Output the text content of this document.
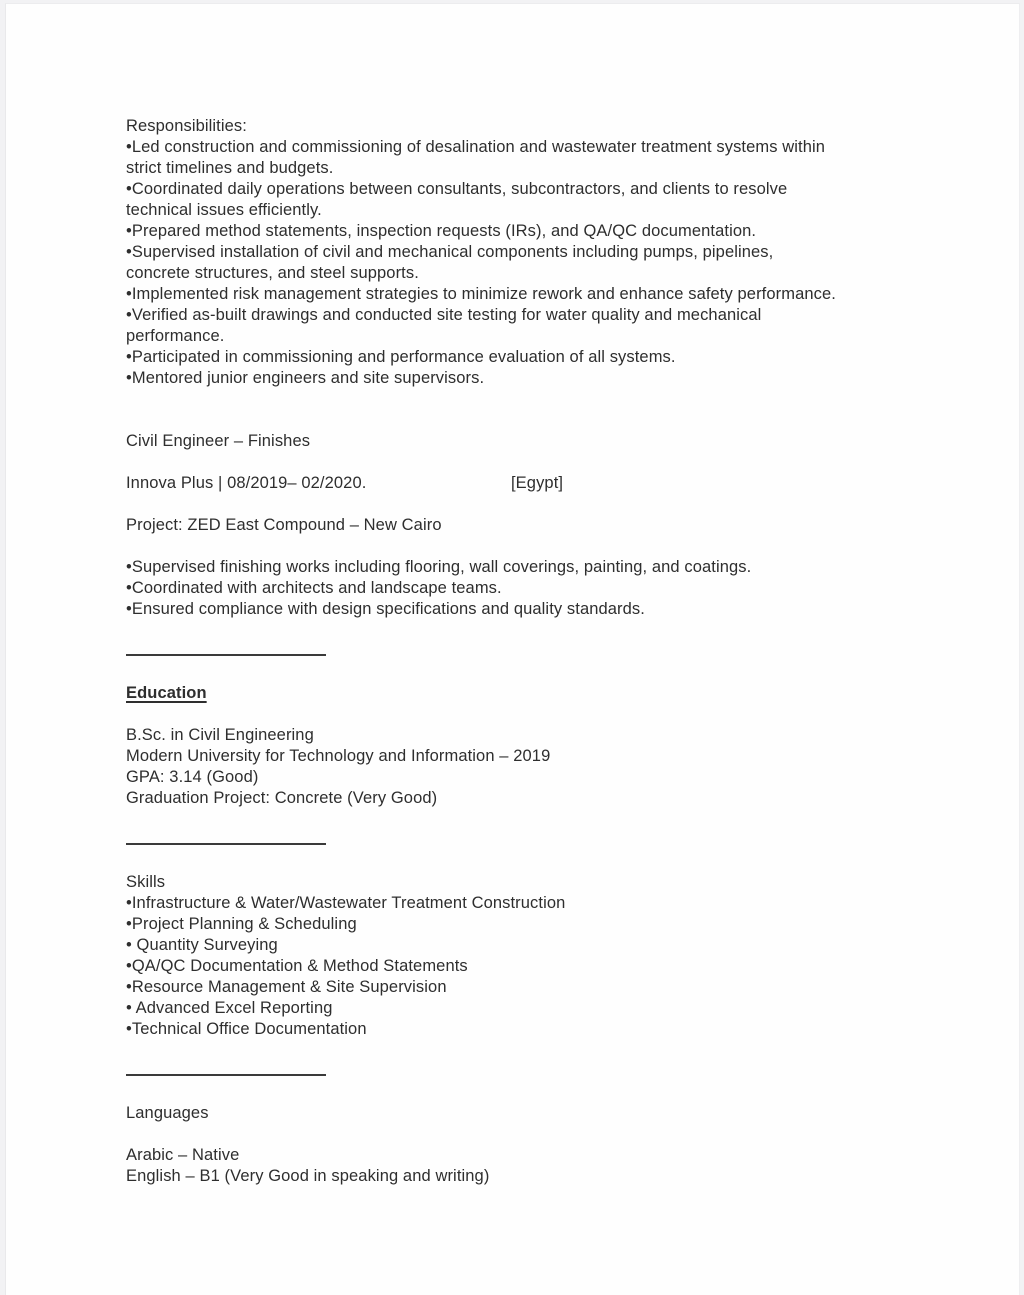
Responsibilities:
•Led construction and commissioning of desalination and wastewater treatment systems within
strict timelines and budgets.
•Coordinated daily operations between consultants, subcontractors, and clients to resolve
technical issues efficiently.
•Prepared method statements, inspection requests (IRs), and QA/QC documentation.
•Supervised installation of civil and mechanical components including pumps, pipelines,
concrete structures, and steel supports.
•Implemented risk management strategies to minimize rework and enhance safety performance.
•Verified as-built drawings and conducted site testing for water quality and mechanical
performance.
•Participated in commissioning and performance evaluation of all systems.
•Mentored junior engineers and site supervisors.
Civil Engineer – Finishes
Innova Plus | 08/2019– 02/2020.	[Egypt]
Project: ZED East Compound – New Cairo
•Supervised finishing works including flooring, wall coverings, painting, and coatings.
•Coordinated with architects and landscape teams.
•Ensured compliance with design specifications and quality standards.
Education
B.Sc. in Civil Engineering
Modern University for Technology and Information – 2019
GPA: 3.14 (Good)
Graduation Project: Concrete (Very Good)
Skills
•Infrastructure & Water/Wastewater Treatment Construction
•Project Planning & Scheduling
• Quantity Surveying
•QA/QC Documentation & Method Statements
•Resource Management & Site Supervision
• Advanced Excel Reporting
•Technical Office Documentation
Languages
Arabic – Native
English – B1 (Very Good in speaking and writing)
